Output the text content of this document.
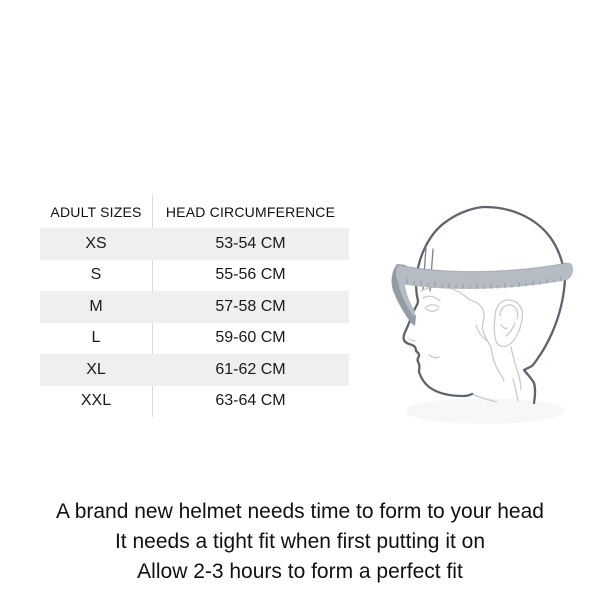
ADULT SIZES	HEAD CIRCUMFERENCE
XS	53-54 CM
S	55-56 CM
M	57-58 CM
L	59-60 CM
XL	61-62 CM
XXL	63-64 CM
A brand new helmet needs time to form to your head
It needs a tight fit when first putting it on
Allow 2-3 hours to form a perfect fit
